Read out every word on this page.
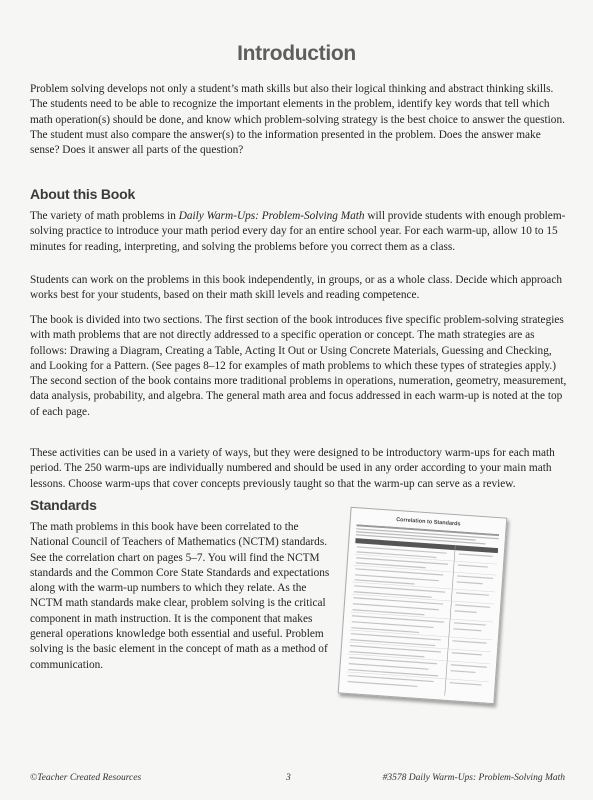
Introduction

Problem solving develops not only a student’s math skills but also their logical thinking and abstract thinking skills. The students need to be able to recognize the important elements in the problem, identify key words that tell which math operation(s) should be done, and know which problem-solving strategy is the best choice to answer the question. The student must also compare the answer(s) to the information presented in the problem. Does the answer make sense? Does it answer all parts of the question?

About this Book

The variety of math problems in Daily Warm-Ups: Problem-Solving Math will provide students with enough problem-solving practice to introduce your math period every day for an entire school year. For each warm-up, allow 10 to 15 minutes for reading, interpreting, and solving the problems before you correct them as a class.

Students can work on the problems in this book independently, in groups, or as a whole class. Decide which approach works best for your students, based on their math skill levels and reading competence.

The book is divided into two sections. The first section of the book introduces five specific problem-solving strategies with math problems that are not directly addressed to a specific operation or concept. The math strategies are as follows: Drawing a Diagram, Creating a Table, Acting It Out or Using Concrete Materials, Guessing and Checking, and Looking for a Pattern. (See pages 8–12 for examples of math problems to which these types of strategies apply.) The second section of the book contains more traditional problems in operations, numeration, geometry, measurement, data analysis, probability, and algebra. The general math area and focus addressed in each warm-up is noted at the top of each page.

These activities can be used in a variety of ways, but they were designed to be introductory warm-ups for each math period. The 250 warm-ups are individually numbered and should be used in any order according to your main math lessons. Choose warm-ups that cover concepts previously taught so that the warm-up can serve as a review.

Standards

The math problems in this book have been correlated to the National Council of Teachers of Mathematics (NCTM) standards. See the correlation chart on pages 5–7. You will find the NCTM standards and the Common Core State Standards and expectations along with the warm-up numbers to which they relate. As the NCTM math standards make clear, problem solving is the critical component in math instruction. It is the component that makes general operations knowledge both essential and useful. Problem solving is the basic element in the concept of math as a method of communication.

Correlation to Standards
©Teacher Created Resources	3	#3578 Daily Warm-Ups: Problem-Solving Math
